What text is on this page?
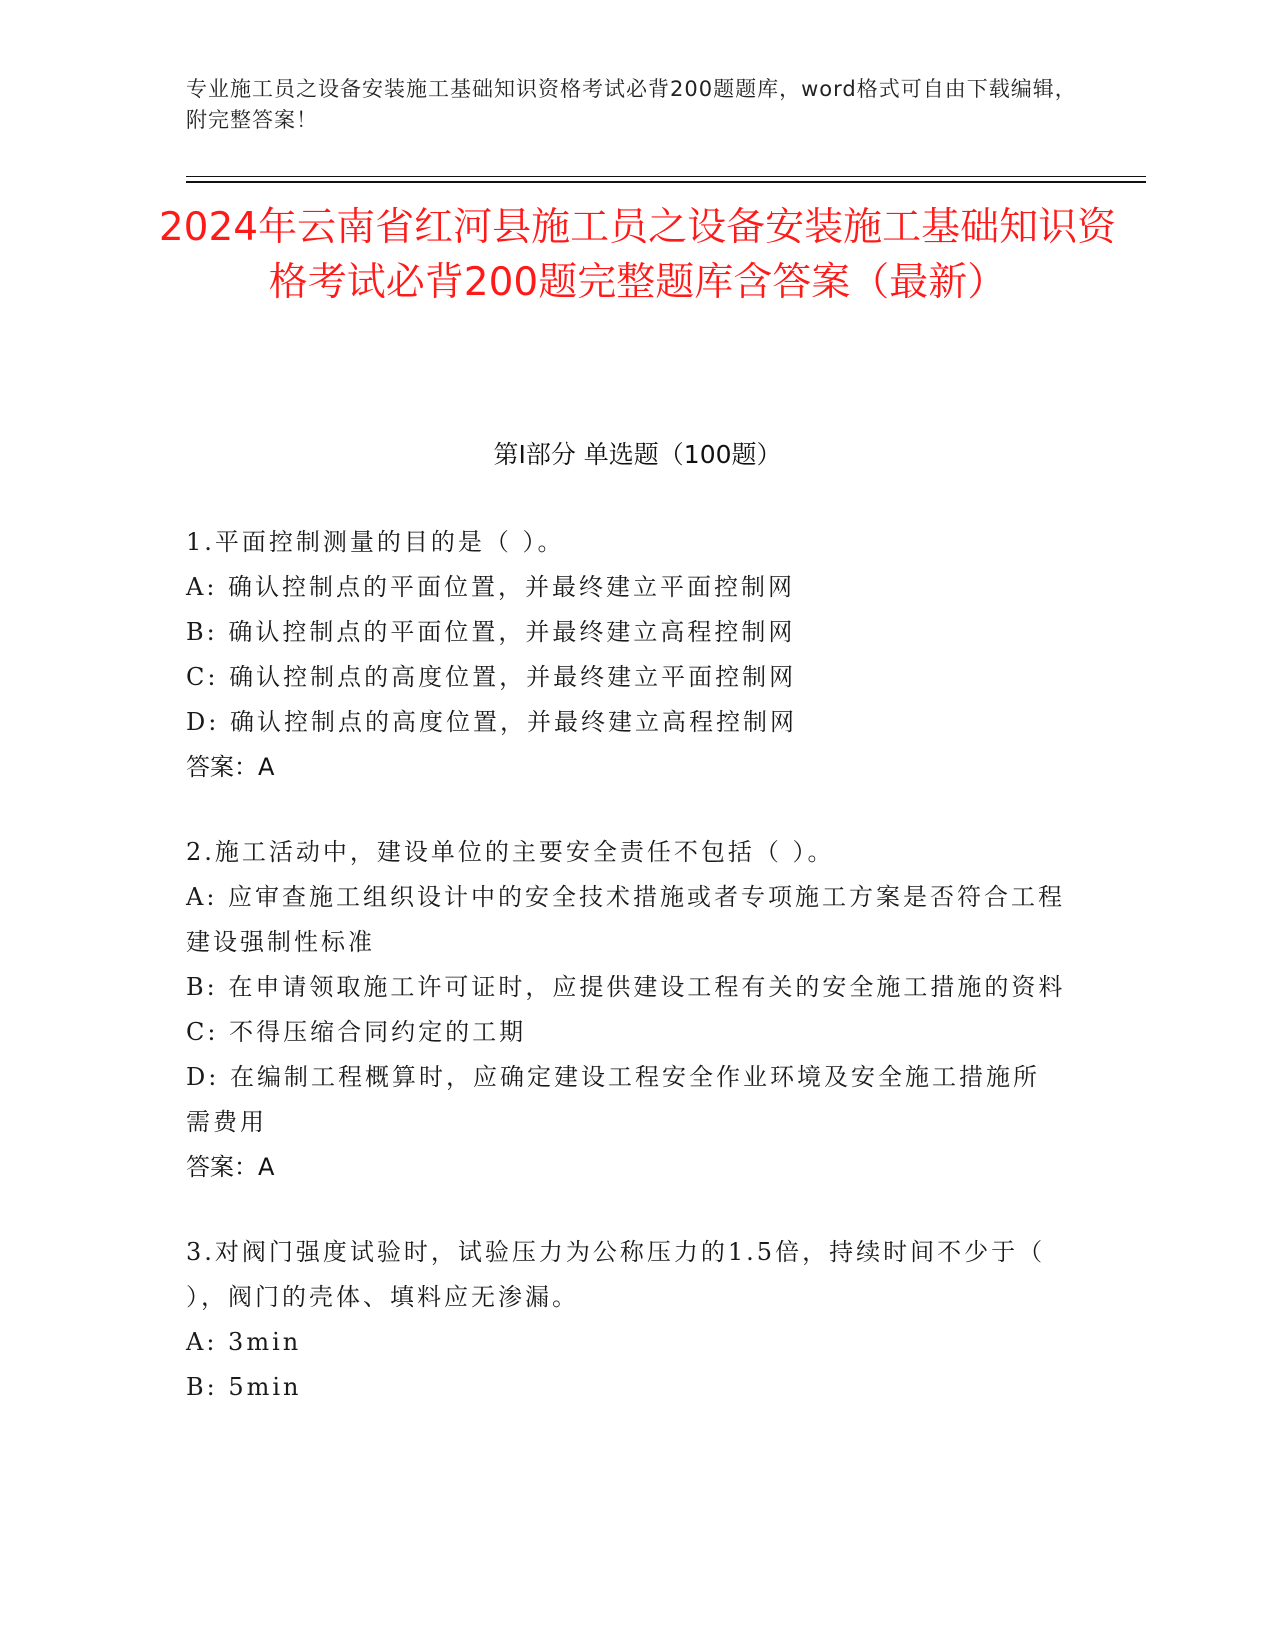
专业施工员之设备安装施工基础知识资格考试必背200题题库，word格式可自由下载编辑，附完整答案！
2024年云南省红河县施工员之设备安装施工基础知识资格考试必背200题完整题库含答案（最新）
第Ⅰ部分 单选题（100题）

1.平面控制测量的目的是（ ）。

A: 确认控制点的平面位置，并最终建立平面控制网

B: 确认控制点的平面位置，并最终建立高程控制网

C: 确认控制点的高度位置，并最终建立平面控制网

D: 确认控制点的高度位置，并最终建立高程控制网

答案：A

2.施工活动中，建设单位的主要安全责任不包括（ ）。

A: 应审查施工组织设计中的安全技术措施或者专项施工方案是否符合工程建设强制性标准

B: 在申请领取施工许可证时，应提供建设工程有关的安全施工措施的资料

C: 不得压缩合同约定的工期

D: 在编制工程概算时，应确定建设工程安全作业环境及安全施工措施所需费用

答案：A

3.对阀门强度试验时，试验压力为公称压力的1.5倍，持续时间不少于（ ），阀门的壳体、填料应无渗漏。

A: 3min

B: 5min
